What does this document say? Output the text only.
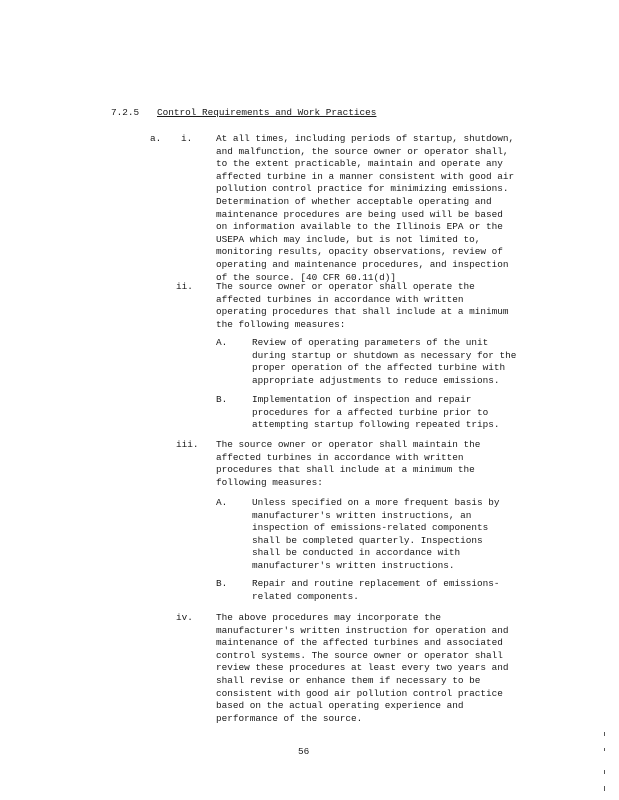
7.2.5 Control Requirements and Work Practices
a. i.	At all times, including periods of startup, shutdown,
and malfunction, the source owner or operator shall,
to the extent practicable, maintain and operate any
affected turbine in a manner consistent with good air
pollution control practice for minimizing emissions.
Determination of whether acceptable operating and
maintenance procedures are being used will be based
on information available to the Illinois EPA or the
USEPA which may include, but is not limited to,
monitoring results, opacity observations, review of
operating and maintenance procedures, and inspection
of the source. [40 CFR 60.11(d)]
ii. The source owner or operator shall operate the
affected turbines in accordance with written
operating procedures that shall include at a minimum
the following measures:
A.	Review of operating parameters of the unit
during startup or shutdown as necessary for the
proper operation of the affected turbine with
appropriate adjustments to reduce emissions.
B.	Implementation of inspection and repair
procedures for a affected turbine prior to
attempting startup following repeated trips.
iii. The source owner or operator shall maintain the
affected turbines in accordance with written
procedures that shall include at a minimum the
following measures:
A.	Unless specified on a more frequent basis by
manufacturer's written instructions, an
inspection of emissions-related components
shall be completed quarterly. Inspections
shall be conducted in accordance with
manufacturer's written instructions.
B.	Repair and routine replacement of emissions-
related components.
iv. The above procedures may incorporate the
manufacturer's written instruction for operation and
maintenance of the affected turbines and associated
control systems. The source owner or operator shall
review these procedures at least every two years and
shall revise or enhance them if necessary to be
consistent with good air pollution control practice
based on the actual operating experience and
performance of the source.
56
